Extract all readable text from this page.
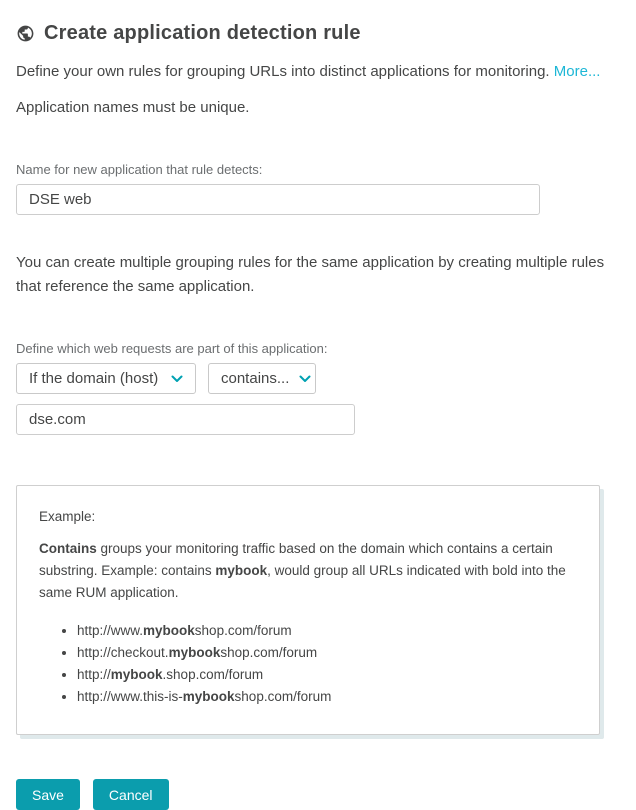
Create application detection rule

Define your own rules for grouping URLs into distinct applications for monitoring. More...

Application names must be unique.

Name for new application that rule detects:
DSE web

You can create multiple grouping rules for the same application by creating multiple rules that reference the same application.

Define which web requests are part of this application:
If the domain (host)	contains...
dse.com
Example:

Contains groups your monitoring traffic based on the domain which contains a certain substring. Example: contains mybook, would group all URLs indicated with bold into the same RUM application.

• http://www.mybookshop.com/forum
• http://checkout.mybookshop.com/forum
• http://mybook.shop.com/forum
• http://www.this-is-mybookshop.com/forum
Save	Cancel
